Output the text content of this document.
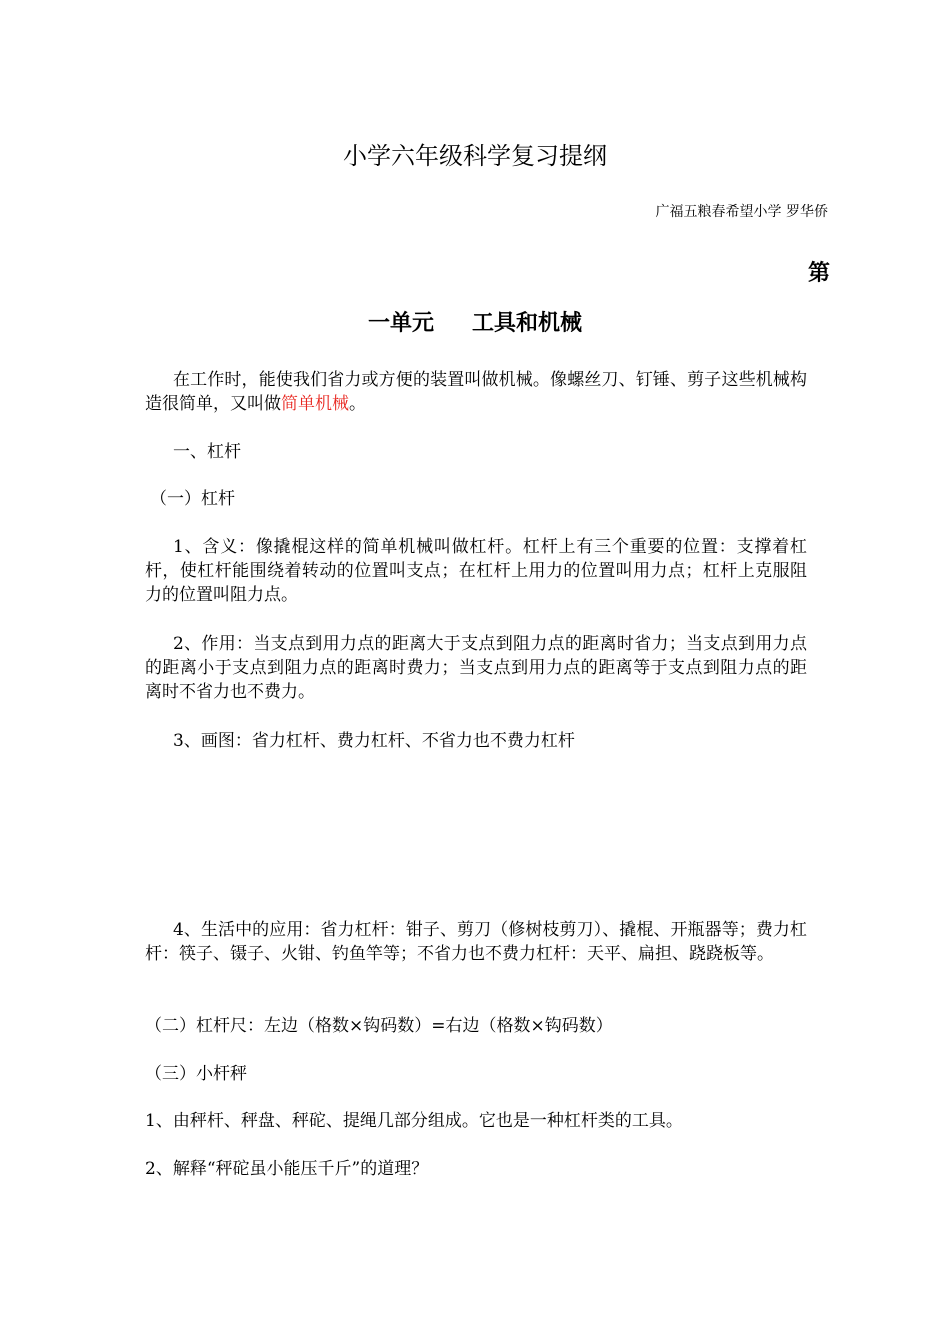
小学六年级科学复习提纲
广福五粮春希望小学 罗华侨
第
一单元 工具和机械
在工作时，能使我们省力或方便的装置叫做机械。像螺丝刀、钉锤、剪子这些机械构造很简单，又叫做简单机械。
一、杠杆
（一）杠杆
1、含义：像撬棍这样的简单机械叫做杠杆。杠杆上有三个重要的位置：支撑着杠杆，使杠杆能围绕着转动的位置叫支点；在杠杆上用力的位置叫用力点；杠杆上克服阻力的位置叫阻力点。
2、作用：当支点到用力点的距离大于支点到阻力点的距离时省力；当支点到用力点的距离小于支点到阻力点的距离时费力；当支点到用力点的距离等于支点到阻力点的距离时不省力也不费力。
3、画图：省力杠杆、费力杠杆、不省力也不费力杠杆
4、生活中的应用：省力杠杆：钳子、剪刀（修树枝剪刀）、撬棍、开瓶器等；费力杠杆：筷子、镊子、火钳、钓鱼竿等；不省力也不费力杠杆：天平、扁担、跷跷板等。
（二）杠杆尺：左边（格数×钩码数）=右边（格数×钩码数）
（三）小杆秤
1、由秤杆、秤盘、秤砣、提绳几部分组成。它也是一种杠杆类的工具。
2、解释“秤砣虽小能压千斤”的道理？
